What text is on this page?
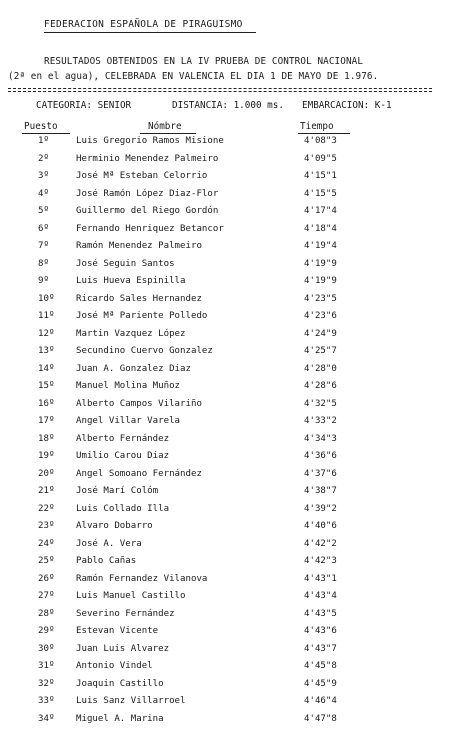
FEDERACION ESPAÑOLA DE PIRAGUISMO
RESULTADOS OBTENIDOS EN LA IV PRUEBA DE CONTROL NACIONAL
(2ª en el agua), CELEBRADA EN VALENCIA EL DIA 1 DE MAYO DE 1.976.
CATEGORIA: SENIOR	DISTANCIA: 1.000 ms. EMBARCACION: K-1
Puesto	Nómbre	Tiempo
1º	Luis Gregorio Ramos Misione	4'08"3
2º	Herminio Menendez Palmeiro	4'09"5
3º	José Mª Esteban Celorrio	4'15"1
4º	José Ramón López Diaz-Flor	4'15"5
5º	Guillermo del Riego Gordón	4'17"4
6º	Fernando Henriquez Betancor	4'18"4
7º	Ramón Menendez Palmeiro	4'19"4
8º	José Seguin Santos	4'19"9
9º	Luis Hueva Espinilla	4'19"9
10º Ricardo Sales Hernandez	4'23"5
11º José Mª Pariente Polledo	4'23"6
12º Martin Vazquez López	4'24"9
13º Secundino Cuervo Gonzalez	4'25"7
14º Juan A. Gonzalez Diaz	4'28"0
15º Manuel Molina Muñoz	4'28"6
16º Alberto Campos Vilariño	4'32"5
17º Angel Villar Varela	4'33"2
18º Alberto Fernández	4'34"3
19º Umilio Carou Diaz	4'36"6
20º Angel Somoano Fernández	4'37"6
21º José Marí Colóm	4'38"7
22º Luis Collado Illa	4'39"2
23º Alvaro Dobarro	4'40"6
24º José A. Vera	4'42"2
25º Pablo Cañas	4'42"3
26º Ramón Fernandez Vilanova	4'43"1
27º Luis Manuel Castillo	4'43"4
28º Severino Fernández	4'43"5
29º Estevan Vicente	4'43"6
30º Juan Luis Alvarez	4'43"7
31º Antonio Vindel	4'45"8
32º Joaquin Castillo	4'45"9
33º Luis Sanz Villarroel	4'46"4
34º Miguel A. Marina	4'47"8
